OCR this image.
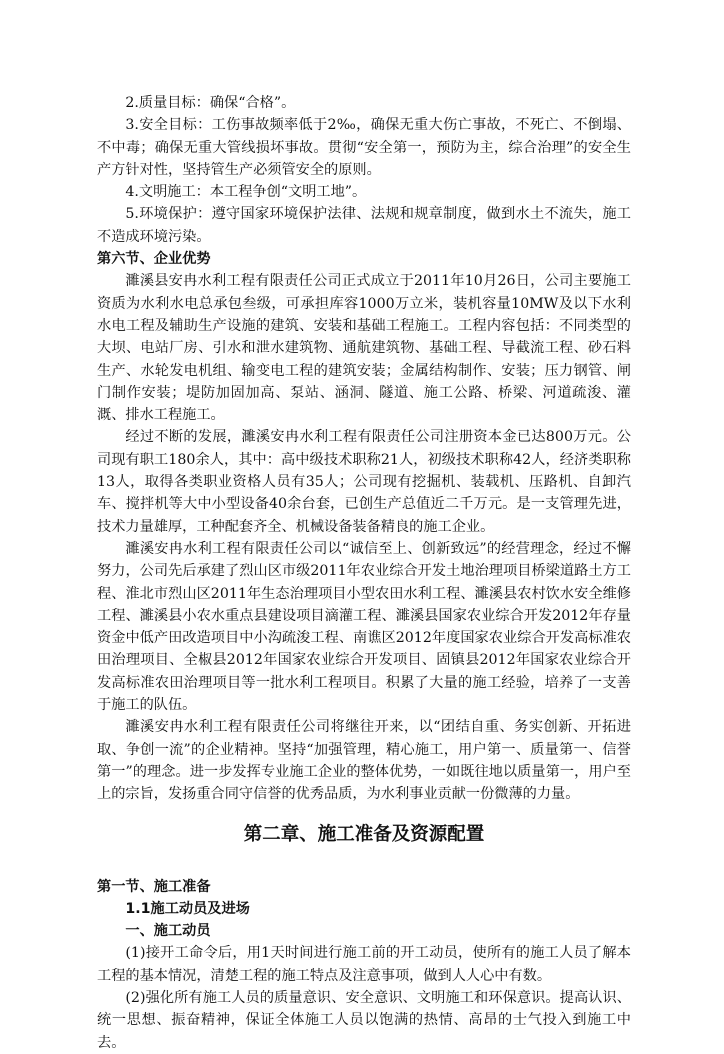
2.质量目标：确保“合格”。

3.安全目标：工伤事故频率低于2‰，确保无重大伤亡事故，不死亡、不倒塌、不中毒；确保无重大管线损坏事故。贯彻“安全第一，预防为主，综合治理”的安全生产方针对性，坚持管生产必须管安全的原则。

4.文明施工：本工程争创“文明工地”。

5.环境保护：遵守国家环境保护法律、法规和规章制度，做到水土不流失，施工不造成环境污染。

第六节、企业优势

濉溪县安冉水利工程有限责任公司正式成立于2011年10月26日，公司主要施工资质为水利水电总承包叁级，可承担库容1000万立米，装机容量10MW及以下水利水电工程及辅助生产设施的建筑、安装和基础工程施工。工程内容包括：不同类型的大坝、电站厂房、引水和泄水建筑物、通航建筑物、基础工程、导截流工程、砂石料生产、水轮发电机组、输变电工程的建筑安装；金属结构制作、安装；压力钢管、闸门制作安装；堤防加固加高、泵站、涵洞、隧道、施工公路、桥梁、河道疏浚、灌溉、排水工程施工。

经过不断的发展，濉溪安冉水利工程有限责任公司注册资本金已达800万元。公司现有职工180余人，其中：高中级技术职称21人，初级技术职称42人，经济类职称13人，取得各类职业资格人员有35人；公司现有挖掘机、装载机、压路机、自卸汽车、搅拌机等大中小型设备40余台套，已创生产总值近二千万元。是一支管理先进，技术力量雄厚，工种配套齐全、机械设备装备精良的施工企业。

濉溪安冉水利工程有限责任公司以“诚信至上、创新致远”的经营理念，经过不懈努力，公司先后承建了烈山区市级2011年农业综合开发土地治理项目桥梁道路土方工程、淮北市烈山区2011年生态治理项目小型农田水利工程、濉溪县农村饮水安全维修工程、濉溪县小农水重点县建设项目滴灌工程、濉溪县国家农业综合开发2012年存量资金中低产田改造项目中小沟疏浚工程、南谯区2012年度国家农业综合开发高标准农田治理项目、全椒县2012年国家农业综合开发项目、固镇县2012年国家农业综合开发高标准农田治理项目等一批水利工程项目。积累了大量的施工经验，培养了一支善于施工的队伍。

濉溪安冉水利工程有限责任公司将继往开来，以“团结自重、务实创新、开拓进取、争创一流”的企业精神。坚持“加强管理，精心施工，用户第一、质量第一、信誉第一”的理念。进一步发挥专业施工企业的整体优势，一如既往地以质量第一，用户至上的宗旨，发扬重合同守信誉的优秀品质，为水利事业贡献一份微薄的力量。

第二章、施工准备及资源配置
第一节、施工准备
1.1施工动员及进场
一、施工动员

(1)接开工命令后，用1天时间进行施工前的开工动员，使所有的施工人员了解本工程的基本情况，清楚工程的施工特点及注意事项，做到人人心中有数。

(2)强化所有施工人员的质量意识、安全意识、文明施工和环保意识。提高认识、统一思想、振奋精神，保证全体施工人员以饱满的热情、高昂的士气投入到施工中去。
